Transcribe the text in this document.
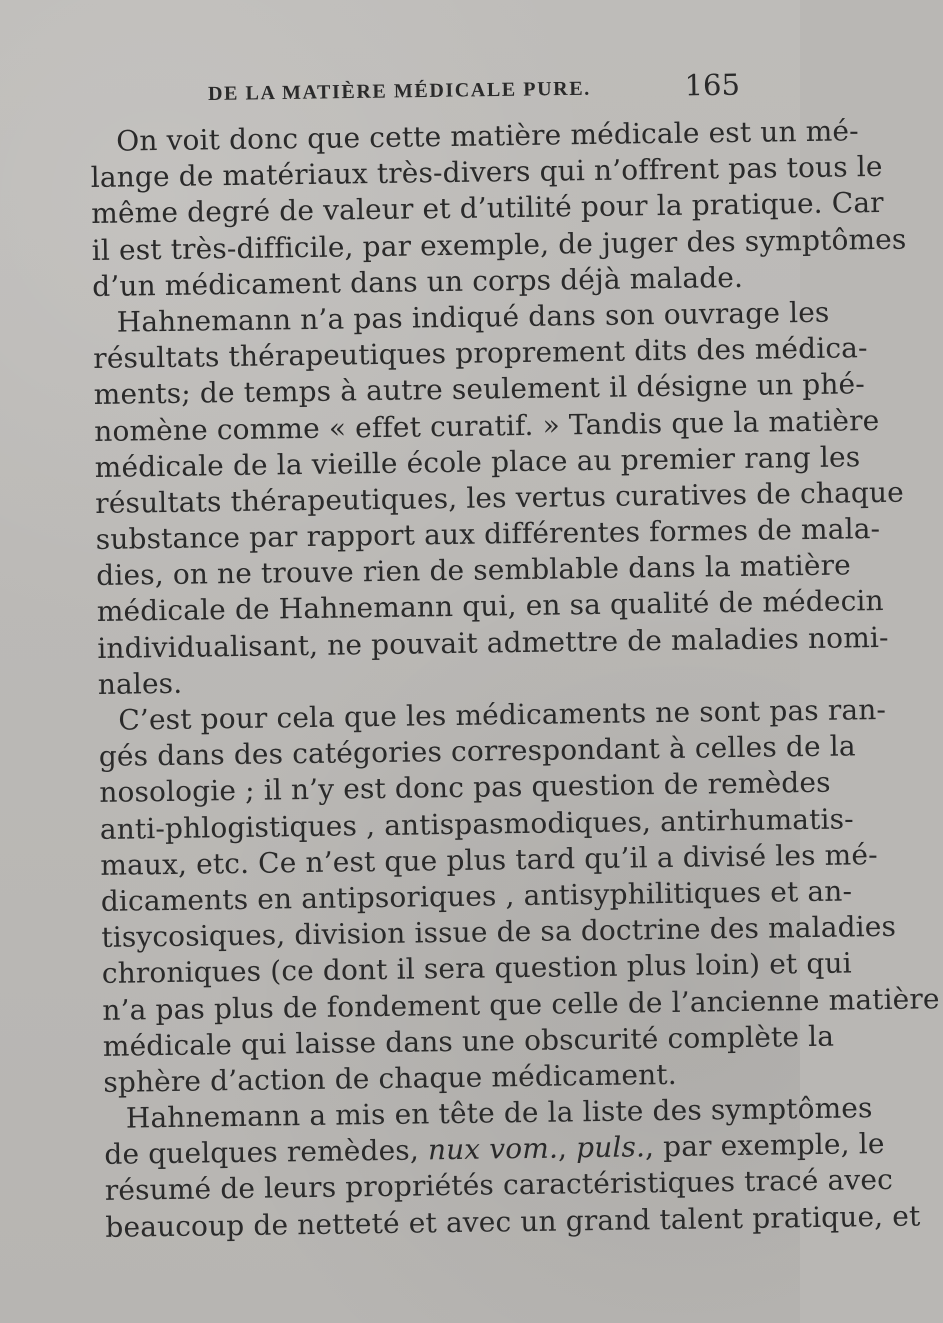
DE LA MATIÈRE MÉDICALE PURE.	165
On voit donc que cette matière médicale est un mé-
lange de matériaux très-divers qui n’offrent pas tous le
même degré de valeur et d’utilité pour la pratique. Car
il est très-difficile, par exemple, de juger des symptômes
d’un médicament dans un corps déjà malade.
Hahnemann n’a pas indiqué dans son ouvrage les
résultats thérapeutiques proprement dits des médica-
ments; de temps à autre seulement il désigne un phé-
nomène comme « effet curatif. » Tandis que la matière
médicale de la vieille école place au premier rang les
résultats thérapeutiques, les vertus curatives de chaque
substance par rapport aux différentes formes de mala-
dies, on ne trouve rien de semblable dans la matière
médicale de Hahnemann qui, en sa qualité de médecin
individualisant, ne pouvait admettre de maladies nomi-
nales.
C’est pour cela que les médicaments ne sont pas ran-
gés dans des catégories correspondant à celles de la
nosologie ; il n’y est donc pas question de remèdes
anti-phlogistiques , antispasmodiques, antirhumatis-
maux, etc. Ce n’est que plus tard qu’il a divisé les mé-
dicaments en antipsoriques , antisyphilitiques et an-
tisycosiques, division issue de sa doctrine des maladies
chroniques (ce dont il sera question plus loin) et qui
n’a pas plus de fondement que celle de l’ancienne matière
médicale qui laisse dans une obscurité complète la
sphère d’action de chaque médicament.
Hahnemann a mis en tête de la liste des symptômes
de quelques remèdes, nux vom., puls., par exemple, le
résumé de leurs propriétés caractéristiques tracé avec
beaucoup de netteté et avec un grand talent pratique, et
